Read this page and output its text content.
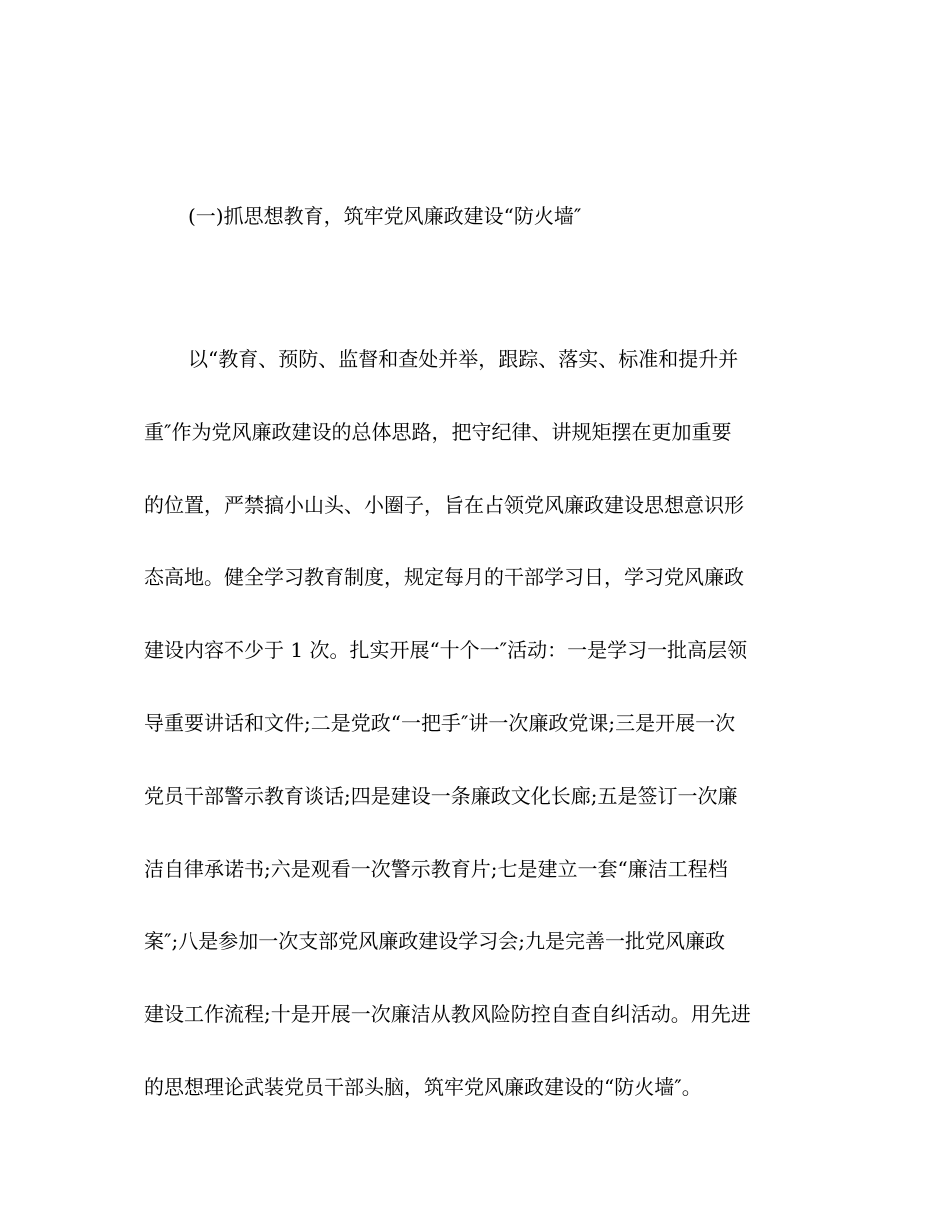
(一)抓思想教育，筑牢党风廉政建设“防火墙″
以“教育、预防、监督和查处并举，跟踪、落实、标准和提升并
重″作为党风廉政建设的总体思路，把守纪律、讲规矩摆在更加重要
的位置，严禁搞小山头、小圈子，旨在占领党风廉政建设思想意识形
态高地。健全学习教育制度，规定每月的干部学习日，学习党风廉政
建设内容不少于 1 次。扎实开展“十个一″活动：一是学习一批高层领
导重要讲话和文件;二是党政“一把手″讲一次廉政党课;三是开展一次
党员干部警示教育谈话;四是建设一条廉政文化长廊;五是签订一次廉
洁自律承诺书;六是观看一次警示教育片;七是建立一套“廉洁工程档
案″;八是参加一次支部党风廉政建设学习会;九是完善一批党风廉政
建设工作流程;十是开展一次廉洁从教风险防控自查自纠活动。用先进
的思想理论武装党员干部头脑，筑牢党风廉政建设的“防火墙″。
